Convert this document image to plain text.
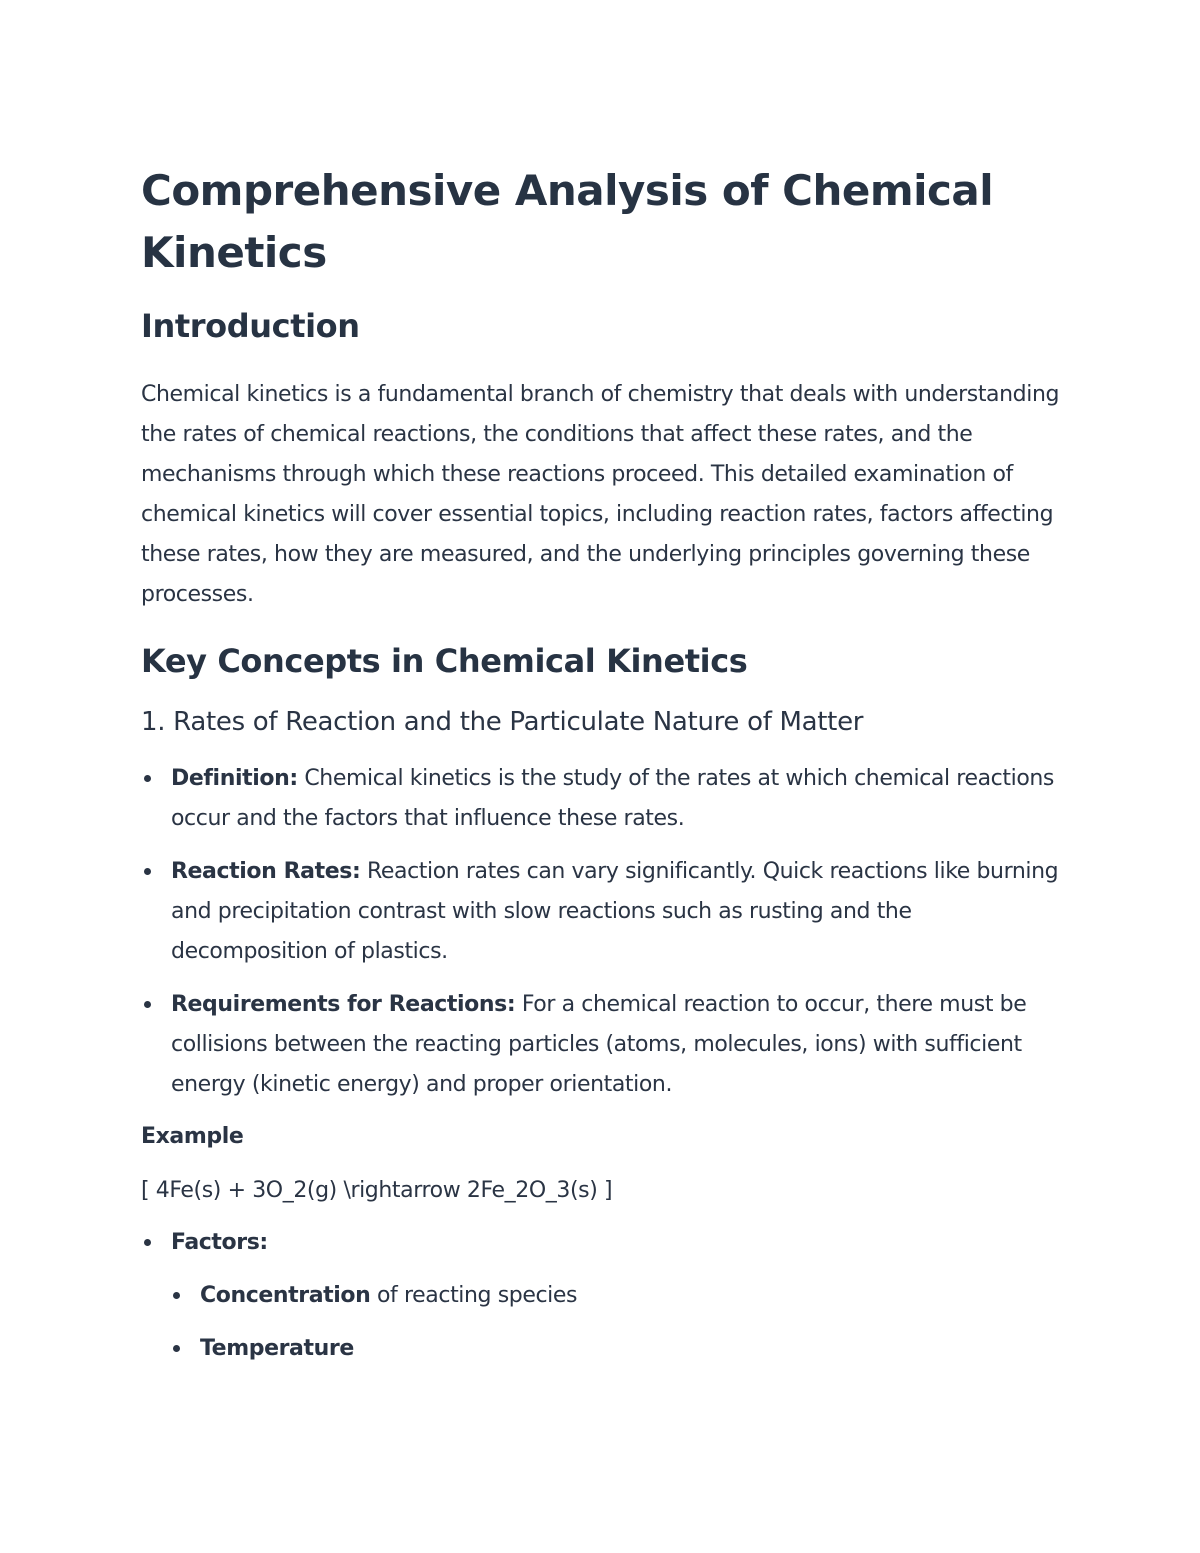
Comprehensive Analysis of Chemical Kinetics
Introduction

Chemical kinetics is a fundamental branch of chemistry that deals with understanding the rates of chemical reactions, the conditions that affect these rates, and the mechanisms through which these reactions proceed. This detailed examination of chemical kinetics will cover essential topics, including reaction rates, factors affecting these rates, how they are measured, and the underlying principles governing these processes.

Key Concepts in Chemical Kinetics
1. Rates of Reaction and the Particulate Nature of Matter
Definition: Chemical kinetics is the study of the rates at which chemical reactions occur and the factors that influence these rates.
Reaction Rates: Reaction rates can vary significantly. Quick reactions like burning and precipitation contrast with slow reactions such as rusting and the decomposition of plastics.
Requirements for Reactions: For a chemical reaction to occur, there must be collisions between the reacting particles (atoms, molecules, ions) with sufficient energy (kinetic energy) and proper orientation.

Example

[ 4Fe(s) + 3O_2(g) \rightarrow 2Fe_2O_3(s) ]

Factors:
Concentration of reacting species
Temperature
